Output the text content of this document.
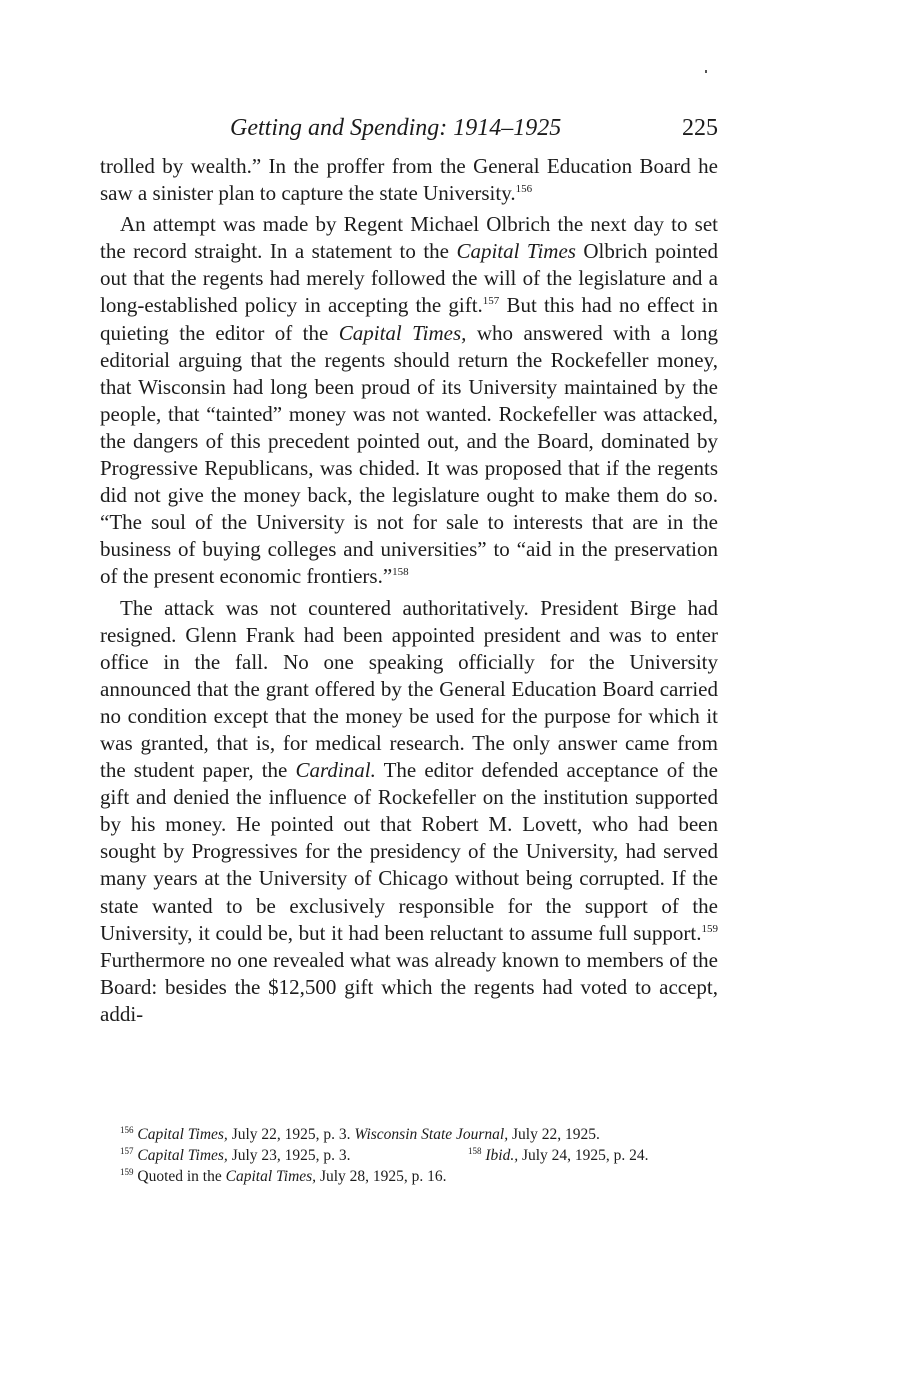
Getting and Spending: 1914–1925	225

trolled by wealth.” In the proffer from the General Education Board he saw a sinister plan to capture the state University.$^{156}$

An attempt was made by Regent Michael Olbrich the next day to set the record straight. In a statement to the Capital Times Olbrich pointed out that the regents had merely followed the will of the legislature and a long-established policy in accepting the gift.$^{157}$ But this had no effect in quieting the editor of the Capital Times, who answered with a long editorial arguing that the regents should return the Rockefeller money, that Wisconsin had long been proud of its University maintained by the people, that “tainted” money was not wanted. Rockefeller was attacked, the dangers of this precedent pointed out, and the Board, dominated by Progressive Republicans, was chided. It was proposed that if the regents did not give the money back, the legislature ought to make them do so. “The soul of the University is not for sale to interests that are in the business of buying colleges and universities” to “aid in the preservation of the present economic frontiers.”$^{158}$

The attack was not countered authoritatively. President Birge had resigned. Glenn Frank had been appointed president and was to enter office in the fall. No one speaking officially for the University announced that the grant offered by the General Education Board carried no condition except that the money be used for the purpose for which it was granted, that is, for medical research. The only answer came from the student paper, the Cardinal. The editor defended acceptance of the gift and denied the influence of Rockefeller on the institution supported by his money. He pointed out that Robert M. Lovett, who had been sought by Progressives for the presidency of the University, had served many years at the University of Chicago without being corrupted. If the state wanted to be exclusively responsible for the support of the University, it could be, but it had been reluctant to assume full support.$^{159}$ Furthermore no one revealed what was already known to members of the Board: besides the $12,500 gift which the regents had voted to accept, addi-

$^{156}$ Capital Times, July 22, 1925, p. 3. Wisconsin State Journal, July 22, 1925.
$^{157}$ Capital Times, July 23, 1925, p. 3.	$^{158}$ Ibid., July 24, 1925, p. 24.
$^{159}$ Quoted in the Capital Times, July 28, 1925, p. 16.
